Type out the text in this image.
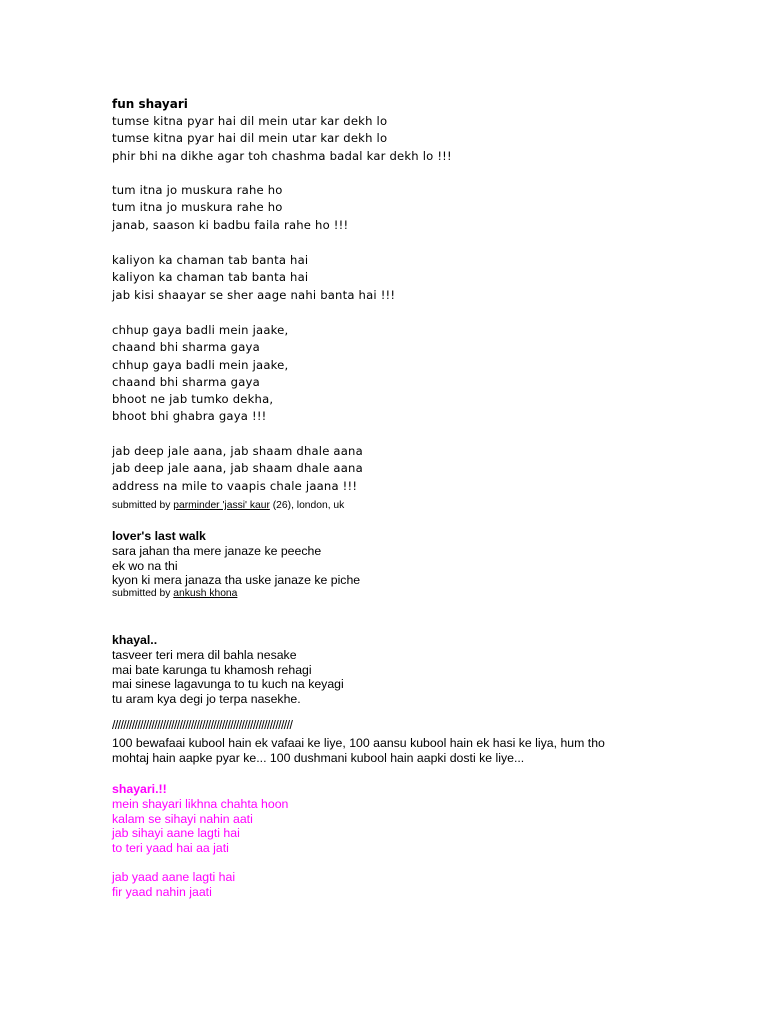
fun shayari
tumse kitna pyar hai dil mein utar kar dekh lo
tumse kitna pyar hai dil mein utar kar dekh lo
phir bhi na dikhe agar toh chashma badal kar dekh lo !!!
tum itna jo muskura rahe ho
tum itna jo muskura rahe ho
janab, saason ki badbu faila rahe ho !!!
kaliyon ka chaman tab banta hai
kaliyon ka chaman tab banta hai
jab kisi shaayar se sher aage nahi banta hai !!!
chhup gaya badli mein jaake,
chaand bhi sharma gaya
chhup gaya badli mein jaake,
chaand bhi sharma gaya
bhoot ne jab tumko dekha,
bhoot bhi ghabra gaya !!!
jab deep jale aana, jab shaam dhale aana
jab deep jale aana, jab shaam dhale aana
address na mile to vaapis chale jaana !!!
submitted by parminder 'jassi' kaur (26), london, uk
lover's last walk
sara jahan tha mere janaze ke peeche
ek wo na thi
kyon ki mera janaza tha uske janaze ke piche
submitted by ankush khona
khayal..
tasveer teri mera dil bahla nesake
mai bate karunga tu khamosh rehagi
mai sinese lagavunga to tu kuch na keyagi
tu aram kya degi jo terpa nasekhe.
////////////////////////////////////////////////////////////////
100 bewafaai kubool hain ek vafaai ke liye, 100 aansu kubool hain ek hasi ke liya, hum tho
mohtaj hain aapke pyar ke... 100 dushmani kubool hain aapki dosti ke liye...
shayari.!!
mein shayari likhna chahta hoon
kalam se sihayi nahin aati
jab sihayi aane lagti hai
to teri yaad hai aa jati
jab yaad aane lagti hai
fir yaad nahin jaati
